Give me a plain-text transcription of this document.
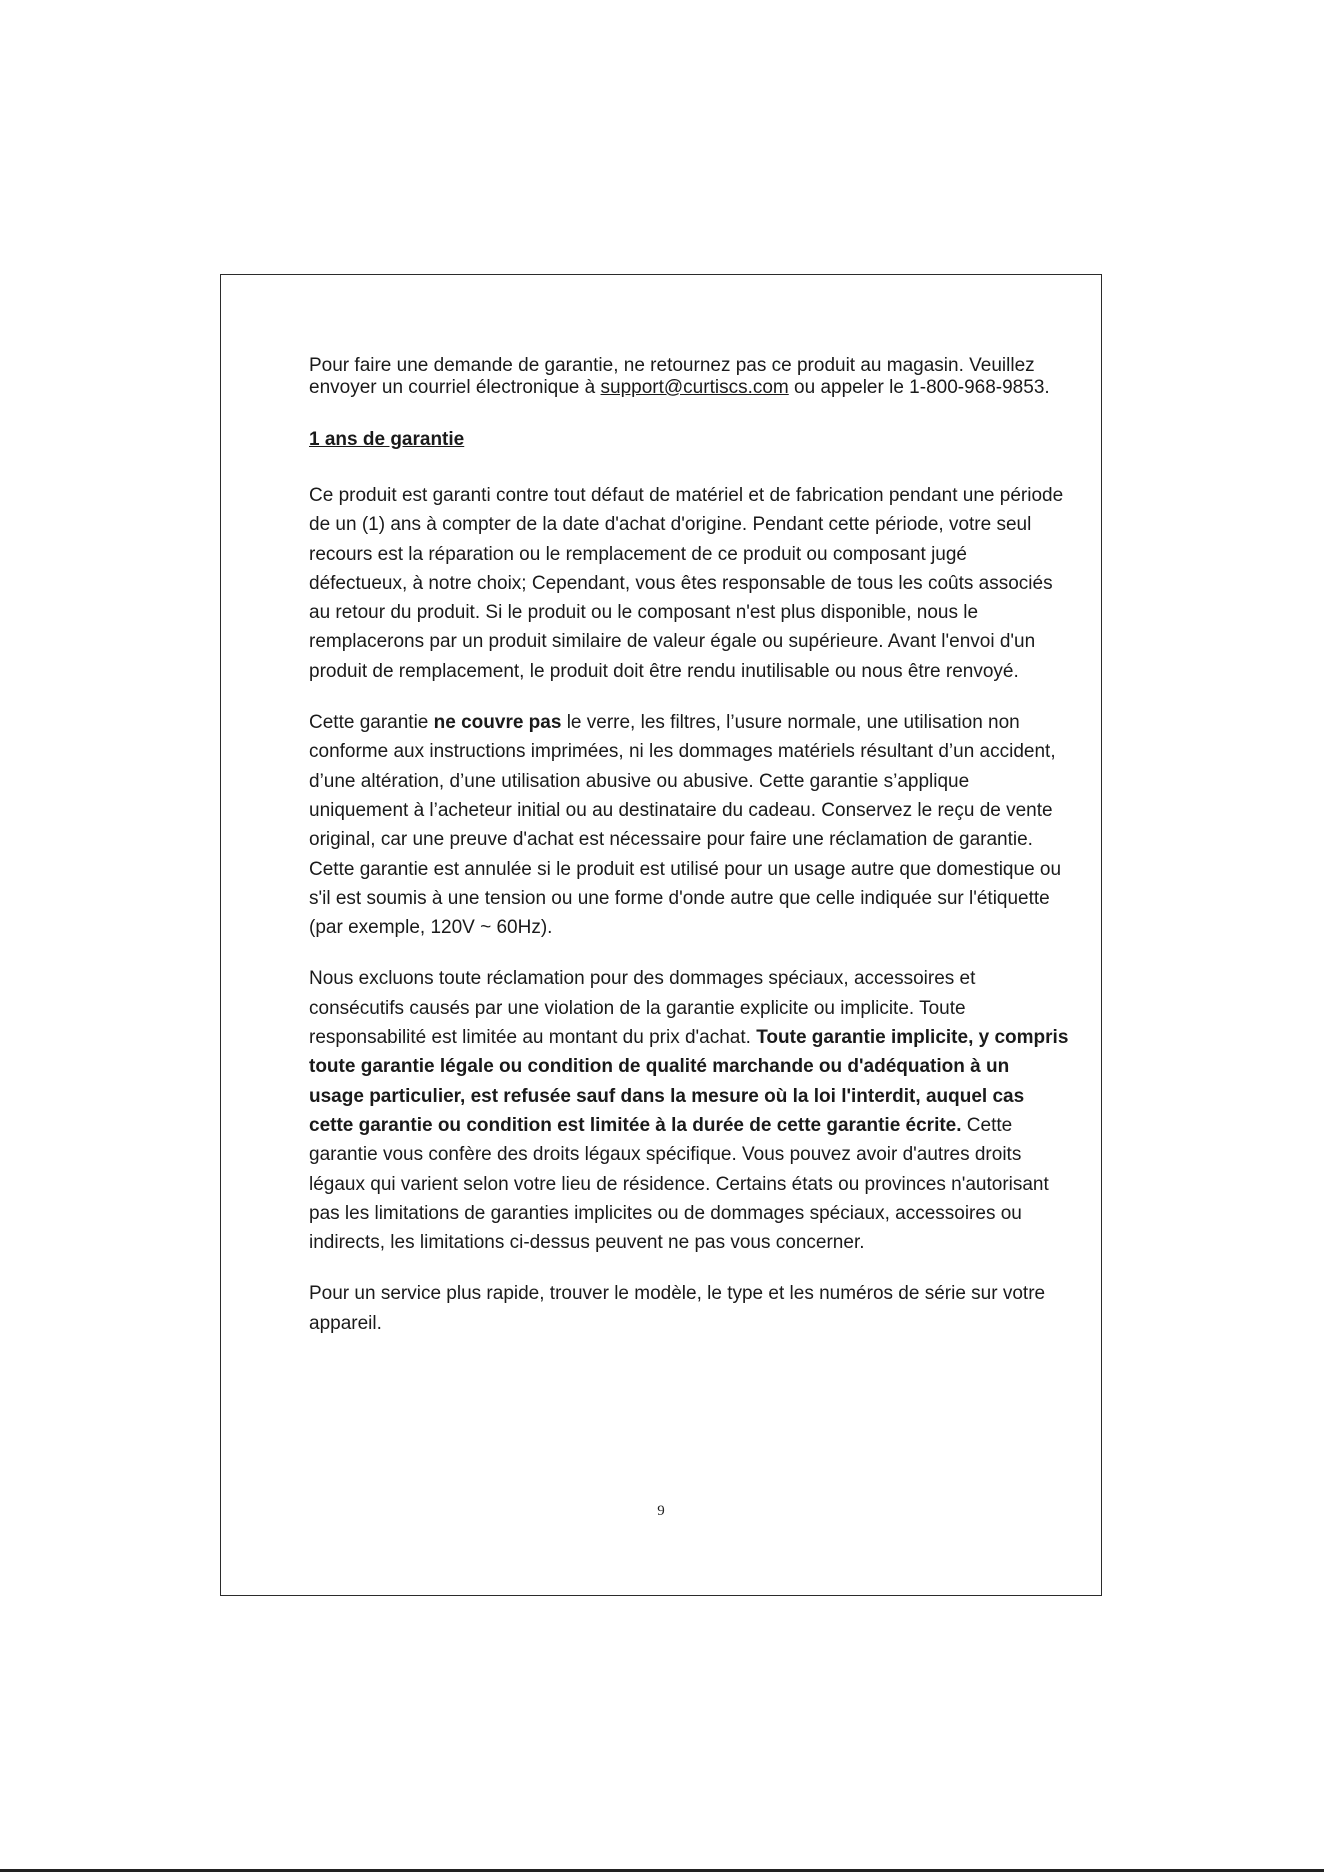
Pour faire une demande de garantie, ne retournez pas ce produit au magasin. Veuillez envoyer un courriel électronique à support@curtiscs.com ou appeler le 1-800-968-9853.

1 ans de garantie

Ce produit est garanti contre tout défaut de matériel et de fabrication pendant une période de un (1) ans à compter de la date d'achat d'origine. Pendant cette période, votre seul recours est la réparation ou le remplacement de ce produit ou composant jugé défectueux, à notre choix; Cependant, vous êtes responsable de tous les coûts associés au retour du produit. Si le produit ou le composant n'est plus disponible, nous le remplacerons par un produit similaire de valeur égale ou supérieure. Avant l'envoi d'un produit de remplacement, le produit doit être rendu inutilisable ou nous être renvoyé.

Cette garantie ne couvre pas le verre, les filtres, l’usure normale, une utilisation non conforme aux instructions imprimées, ni les dommages matériels résultant d’un accident, d’une altération, d’une utilisation abusive ou abusive. Cette garantie s’applique uniquement à l’acheteur initial ou au destinataire du cadeau. Conservez le reçu de vente original, car une preuve d'achat est nécessaire pour faire une réclamation de garantie. Cette garantie est annulée si le produit est utilisé pour un usage autre que domestique ou s'il est soumis à une tension ou une forme d'onde autre que celle indiquée sur l'étiquette (par exemple, 120V ~ 60Hz).

Nous excluons toute réclamation pour des dommages spéciaux, accessoires et consécutifs causés par une violation de la garantie explicite ou implicite. Toute responsabilité est limitée au montant du prix d'achat. Toute garantie implicite, y compris toute garantie légale ou condition de qualité marchande ou d'adéquation à un usage particulier, est refusée sauf dans la mesure où la loi l'interdit, auquel cas cette garantie ou condition est limitée à la durée de cette garantie écrite. Cette garantie vous confère des droits légaux spécifique. Vous pouvez avoir d'autres droits légaux qui varient selon votre lieu de résidence. Certains états ou provinces n'autorisant pas les limitations de garanties implicites ou de dommages spéciaux, accessoires ou indirects, les limitations ci-dessus peuvent ne pas vous concerner.

Pour un service plus rapide, trouver le modèle, le type et les numéros de série sur votre appareil.

9
